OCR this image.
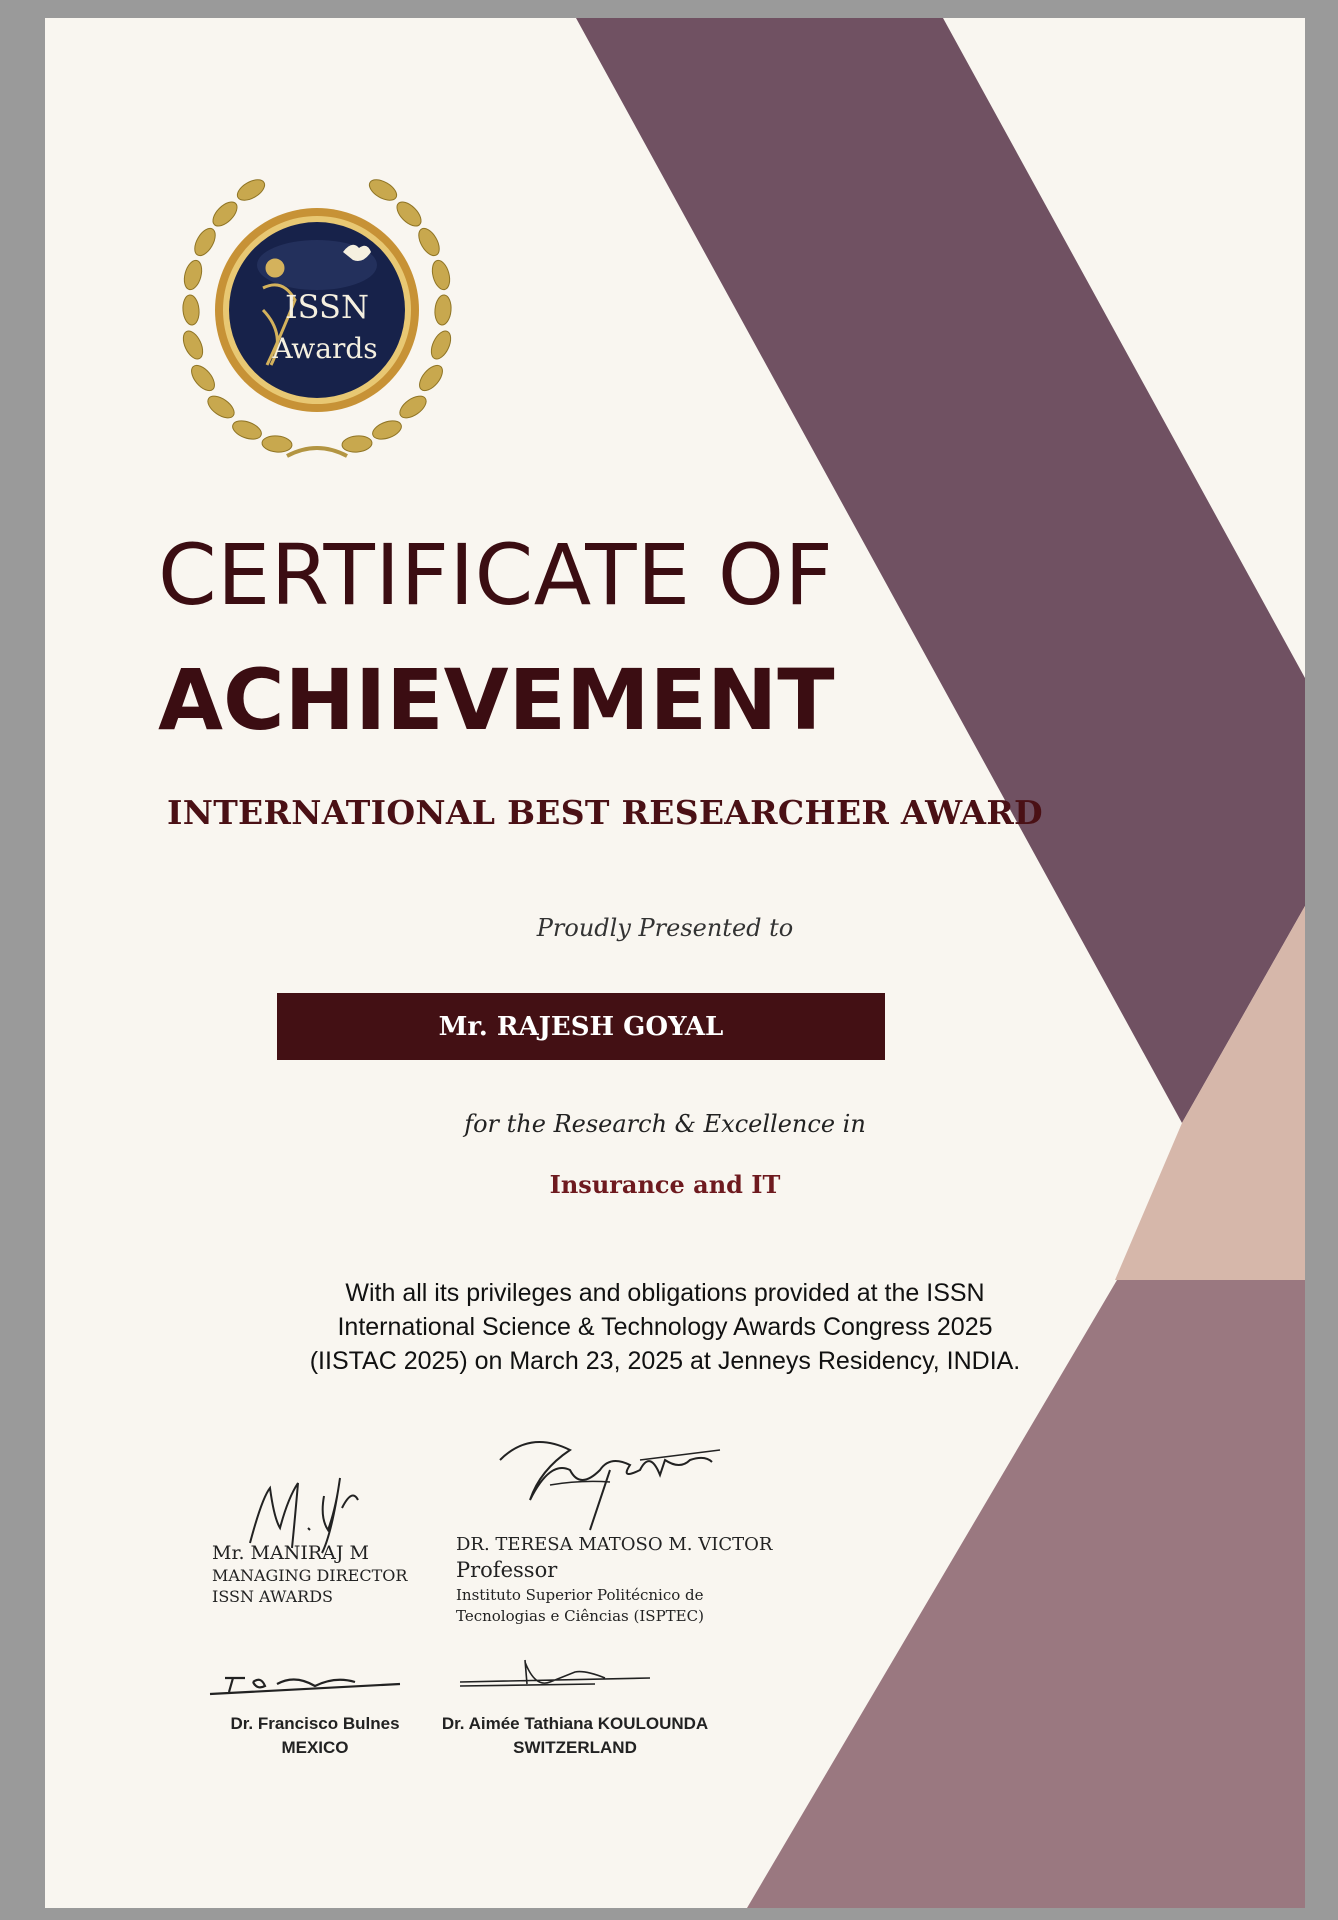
ISSN
Awards
CERTIFICATE OF
ACHIEVEMENT
INTERNATIONAL BEST RESEARCHER AWARD
Proudly Presented to
Mr. RAJESH GOYAL
for the Research & Excellence in
Insurance and IT
With all its privileges and obligations provided at the ISSN
International Science & Technology Awards Congress 2025
(IISTAC 2025) on March 23, 2025 at Jenneys Residency, INDIA.
Mr. MANIRAJ M
MANAGING DIRECTOR
ISSN AWARDS
DR. TERESA MATOSO M. VICTOR
Professor
Instituto Superior Politécnico de
Tecnologias e Ciências (ISPTEC)
Dr. Francisco Bulnes
MEXICO
Dr. Aimée Tathiana KOULOUNDA
SWITZERLAND
